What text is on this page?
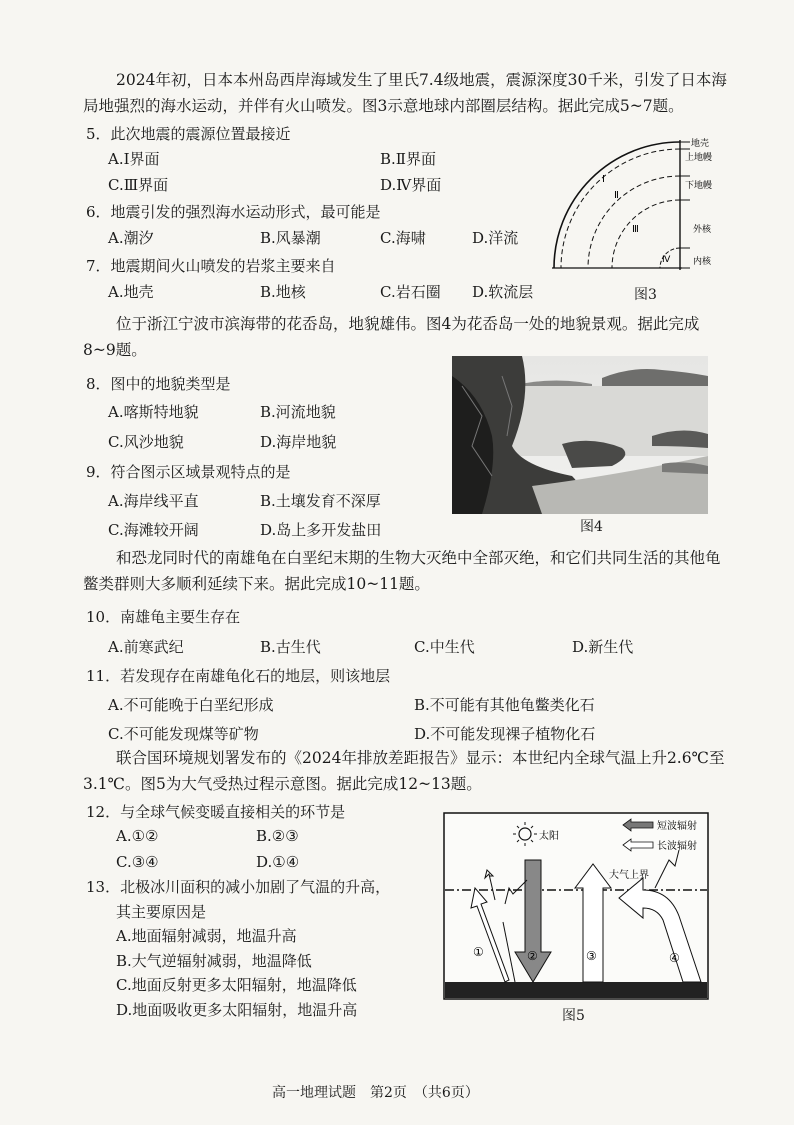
2024年初，日本本州岛西岸海域发生了里氏7.4级地震，震源深度30千米，引发了日本海
局地强烈的海水运动，并伴有火山喷发。图3示意地球内部圈层结构。据此完成5~7题。
5．此次地震的震源位置最接近
A.Ⅰ界面	B.Ⅱ界面
C.Ⅲ界面	D.Ⅳ界面
6．地震引发的强烈海水运动形式，最可能是
A.潮汐	B.风暴潮	C.海啸	D.洋流
7．地震期间火山喷发的岩浆主要来自
A.地壳	B.地核	C.岩石圈 D.软流层
地壳
上地幔
下地幔
外核
内核
Ⅰ
Ⅱ
Ⅲ
Ⅳ
图3
位于浙江宁波市滨海带的花岙岛，地貌雄伟。图4为花岙岛一处的地貌景观。据此完成
8~9题。
8．图中的地貌类型是
A.喀斯特地貌	B.河流地貌
C.风沙地貌	D.海岸地貌
9．符合图示区域景观特点的是
A.海岸线平直	B.土壤发育不深厚
C.海滩较开阔	D.岛上多开发盐田	图4
和恐龙同时代的南雄龟在白垩纪末期的生物大灭绝中全部灭绝，和它们共同生活的其他龟
鳖类群则大多顺利延续下来。据此完成10~11题。
10．南雄龟主要生存在
A.前寒武纪	B.古生代	C.中生代	D.新生代
11．若发现存在南雄龟化石的地层，则该地层
A.不可能晚于白垩纪形成	B.不可能有其他龟鳖类化石
C.不可能发现煤等矿物	D.不可能发现裸子植物化石
联合国环境规划署发布的《2024年排放差距报告》显示：本世纪内全球气温上升2.6℃至
3.1℃。图5为大气受热过程示意图。据此完成12~13题。
12．与全球气候变暖直接相关的环节是
A.①②	B.②③
C.③④	D.①④
13．北极冰川面积的减小加剧了气温的升高，
其主要原因是
A.地面辐射减弱，地温升高
B.大气逆辐射减弱，地温降低
C.地面反射更多太阳辐射，地温降低
D.地面吸收更多太阳辐射，地温升高
太阳
短波辐射
长波辐射
大气上界
①	②	③	④
图5
高一地理试题　第2页　（共6页）
